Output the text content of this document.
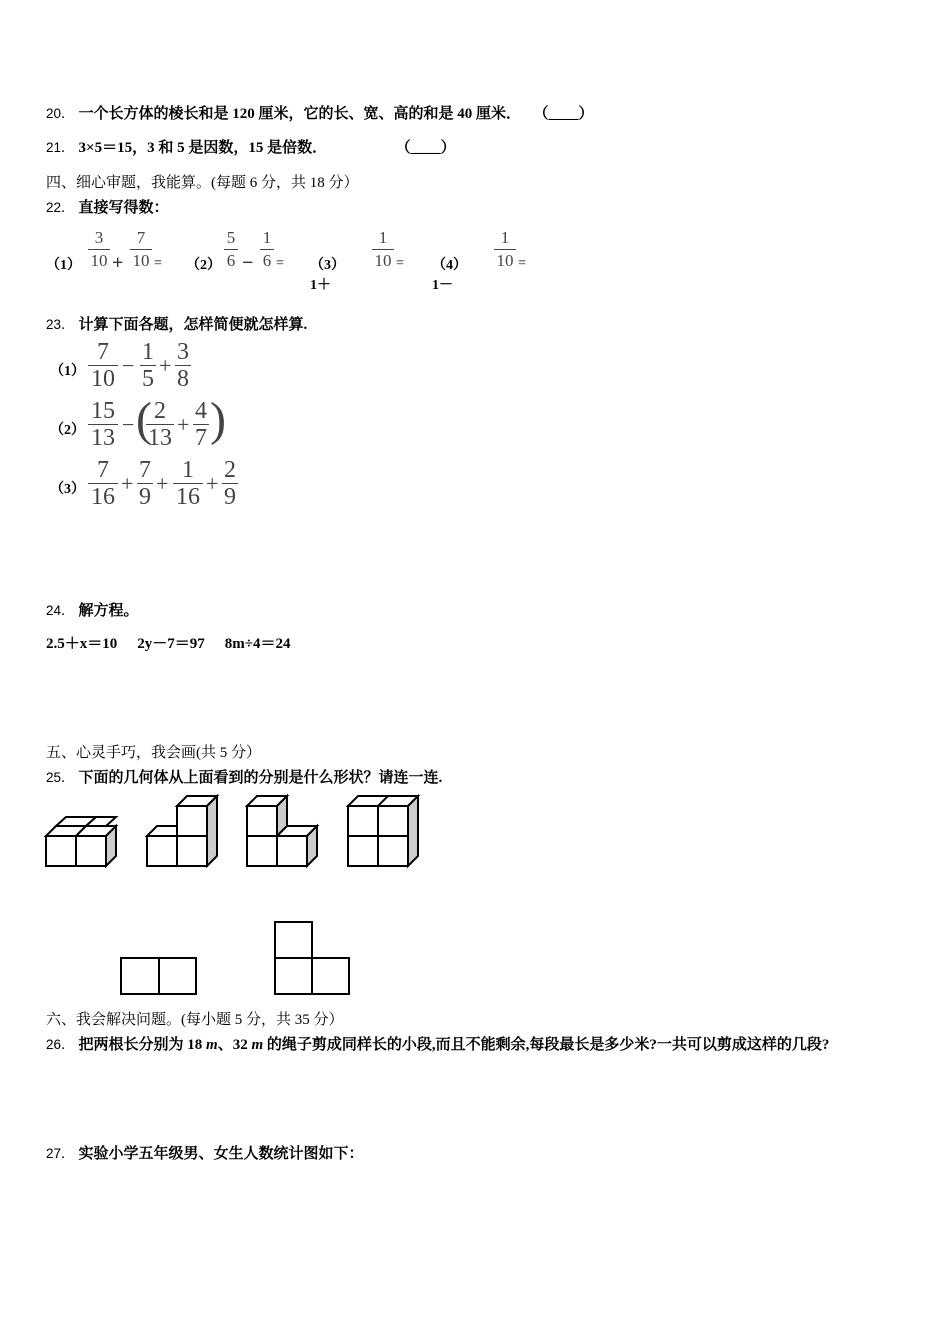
20． 一个长方体的棱长和是 120 厘米，它的长、宽、高的和是 40 厘米． （____）
21． 3×5＝15，3 和 5 是因数，15 是倍数．	（____）
四、细心审题，我能算。(每题 6 分，共 18 分）
22． 直接写得数：
（1）
3
10 +
7
10 = （2）
5
6 −
1
6 = （3）1＋
1
10 = （4）1－
1
10 =
23． 计算下面各题，怎样简便就怎样算.
（1）
7
10
−
1
5
+
3
8
（2）
15
13
− ( 2
13
+
4
7 )
（3）
7
16
+
7
9
+
1
16
+
2
9
24． 解方程。
2.5＋x＝10 2y－7＝97 8m÷4＝24
五、心灵手巧，我会画(共 5 分）
25． 下面的几何体从上面看到的分别是什么形状？请连一连.
六、我会解决问题。(每小题 5 分，共 35 分）
26． 把两根长分别为 18 m、32 m 的绳子剪成同样长的小段,而且不能剩余,每段最长是多少米?一共可以剪成这样的几段?
27． 实验小学五年级男、女生人数统计图如下：
